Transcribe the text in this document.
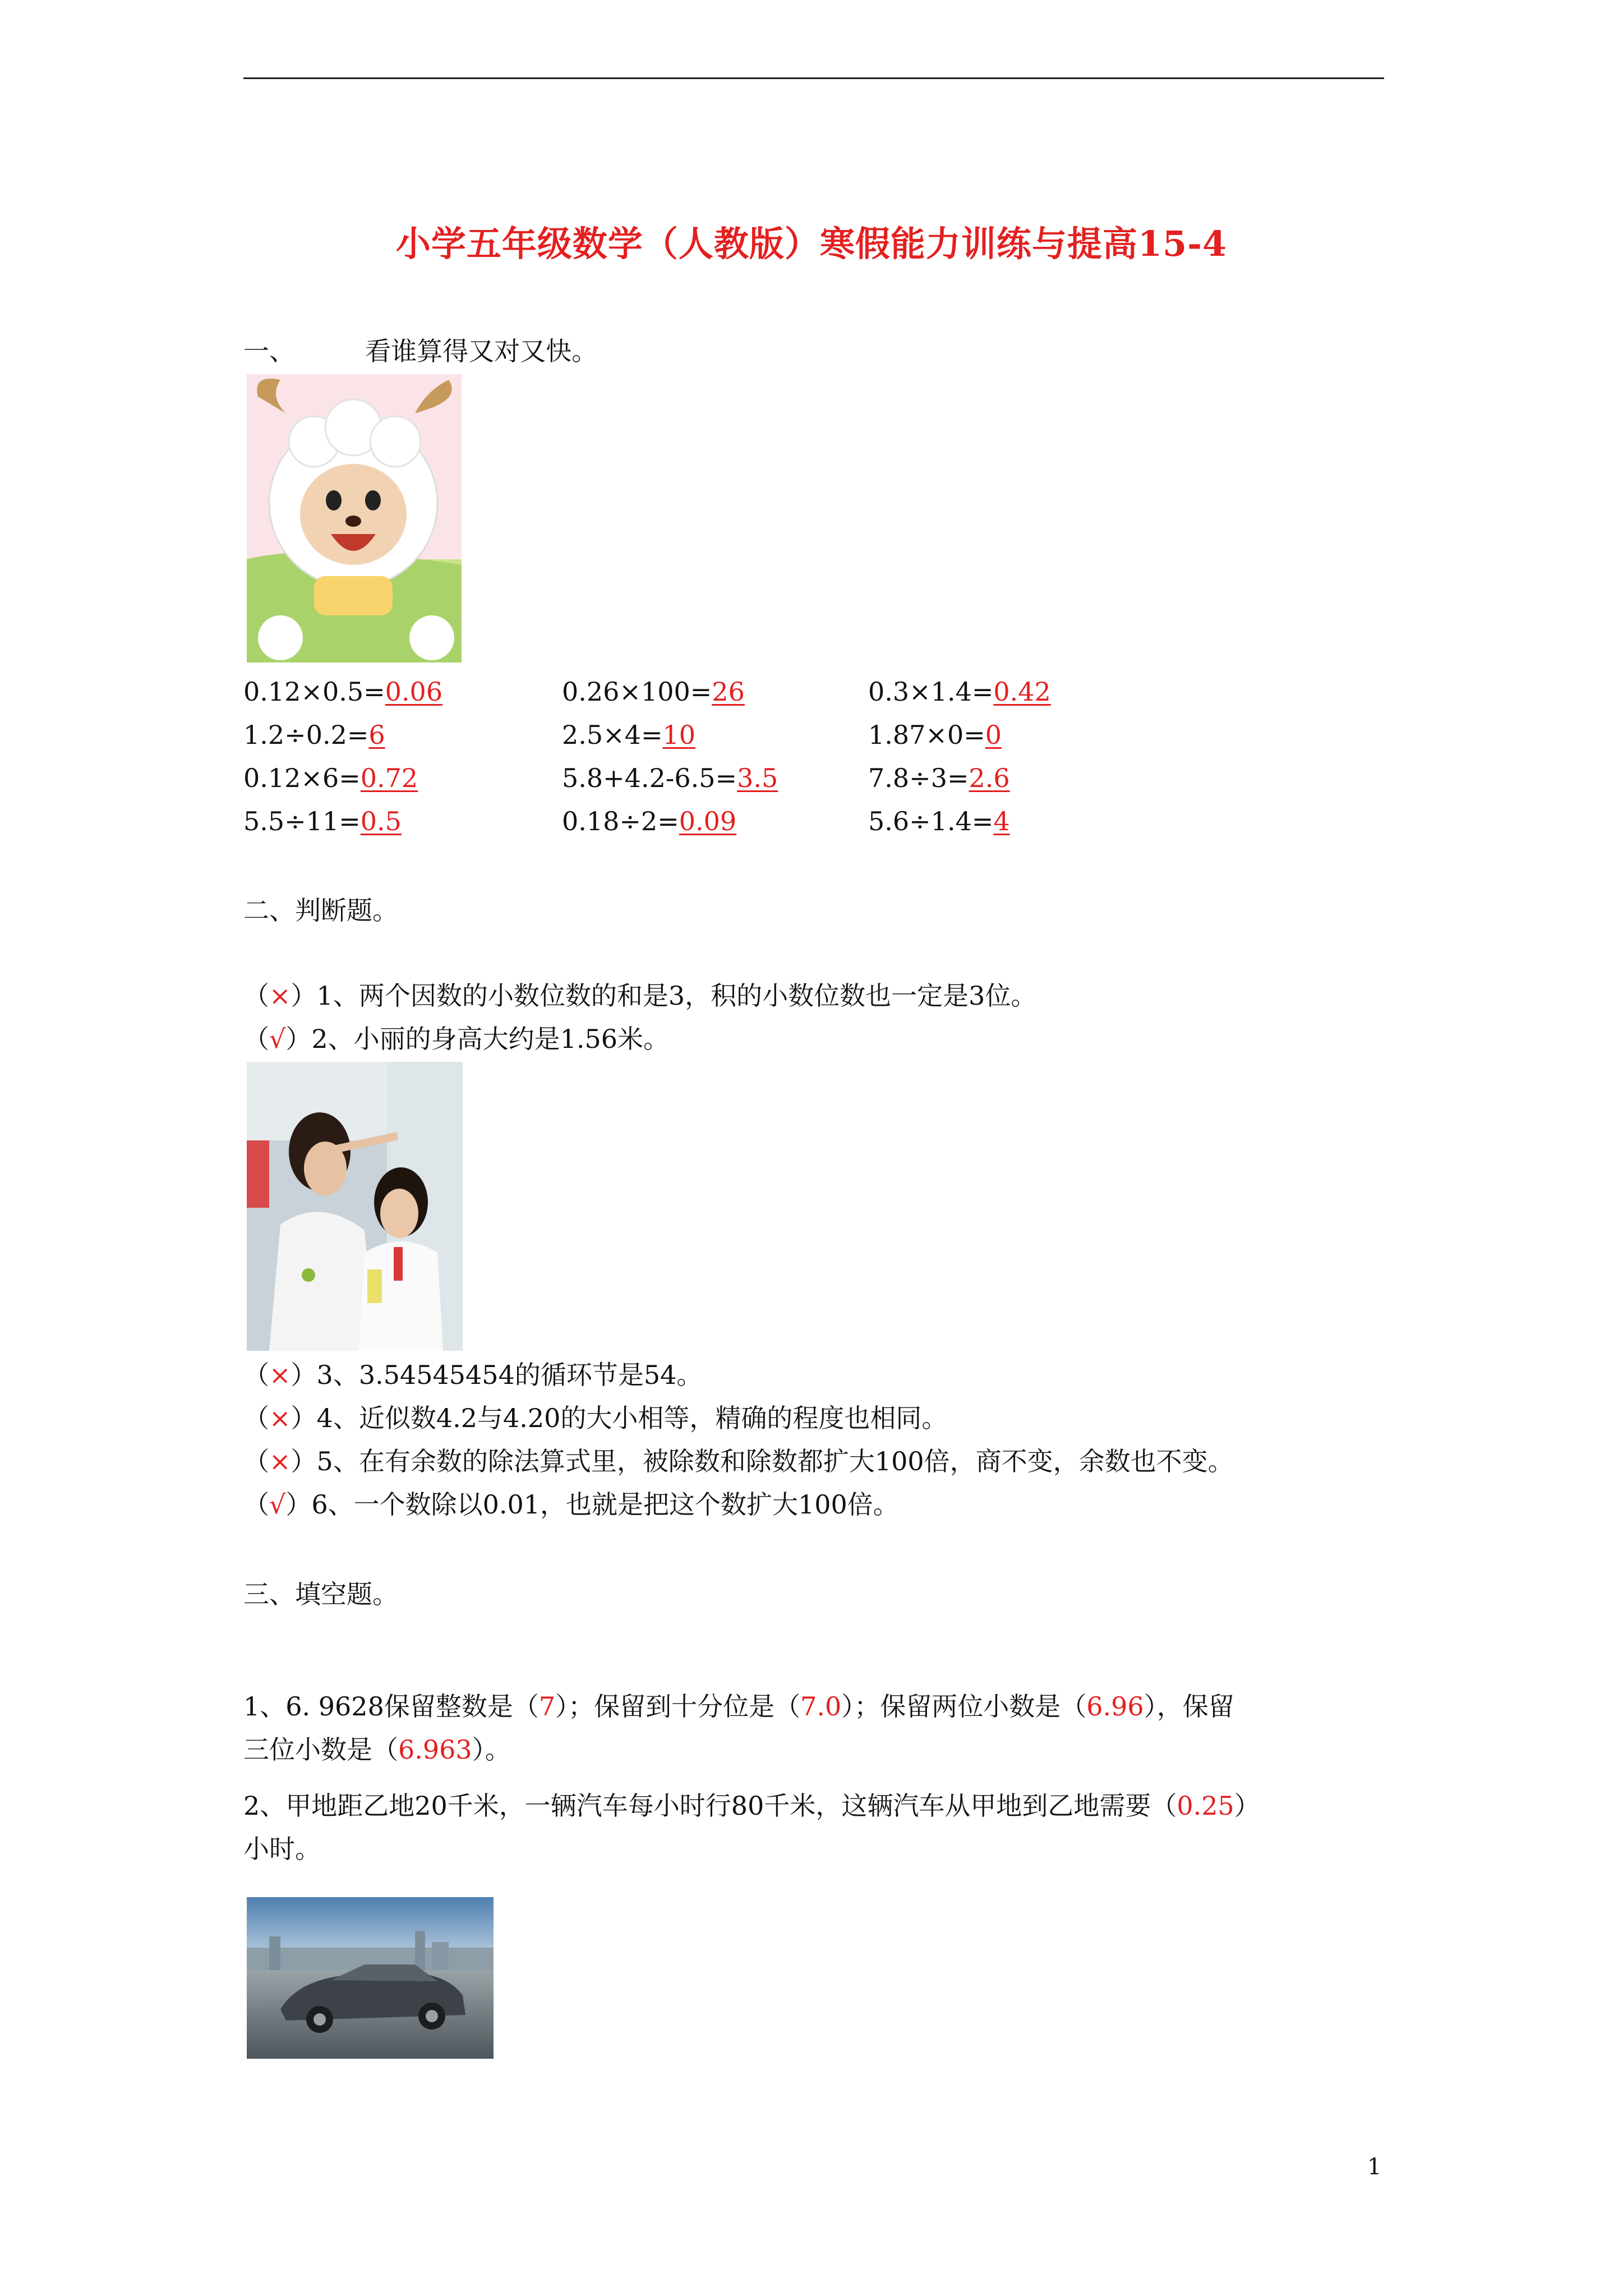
小学五年级数学（人教版）寒假能力训练与提高15-4
一、	看谁算得又对又快。
0.12×0.5=0.06	0.26×100=26	0.3×1.4=0.42
1.2÷0.2=6	2.5×4=10	1.87×0=0
0.12×6=0.72	5.8+4.2-6.5=3.5	7.8÷3=2.6
5.5÷11=0.5	0.18÷2=0.09	5.6÷1.4=4
二、判断题。
（×）1、两个因数的小数位数的和是3，积的小数位数也一定是3位。
（√）2、小丽的身高大约是1.56米。
（×）3、3.54545454的循环节是54。
（×）4、近似数4.2与4.20的大小相等，精确的程度也相同。
（×）5、在有余数的除法算式里，被除数和除数都扩大100倍，商不变，余数也不变。
（√）6、一个数除以0.01，也就是把这个数扩大100倍。
三、填空题。
1、6. 9628保留整数是（7）；保留到十分位是（7.0）；保留两位小数是（6.96），保留
三位小数是（6.963）。
2、甲地距乙地20千米，一辆汽车每小时行80千米，这辆汽车从甲地到乙地需要（0.25）
小时。
1
